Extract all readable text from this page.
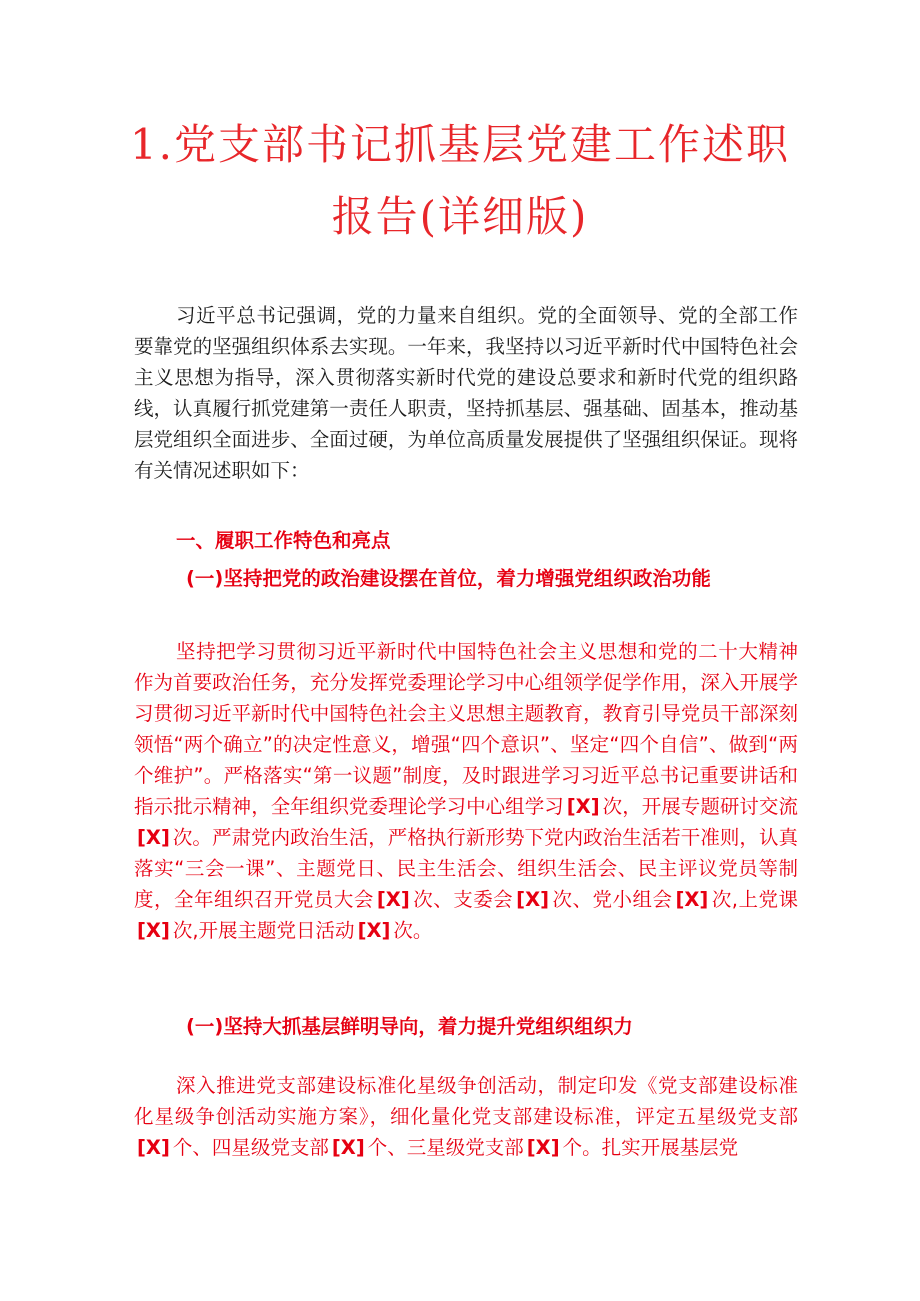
1.党支部书记抓基层党建工作述职
报告(详细版)

习近平总书记强调，党的力量来自组织。党的全面领导、党的全部工作要靠党的坚强组织体系去实现。一年来，我坚持以习近平新时代中国特色社会主义思想为指导，深入贯彻落实新时代党的建设总要求和新时代党的组织路线，认真履行抓党建第一责任人职责，坚持抓基层、强基础、固基本，推动基层党组织全面进步、全面过硬，为单位高质量发展提供了坚强组织保证。现将有关情况述职如下：

一、履职工作特色和亮点
(一)坚持把党的政治建设摆在首位，着力增强党组织政治功能

坚持把学习贯彻习近平新时代中国特色社会主义思想和党的二十大精神作为首要政治任务，充分发挥党委理论学习中心组领学促学作用，深入开展学习贯彻习近平新时代中国特色社会主义思想主题教育，教育引导党员干部深刻领悟“两个确立”的决定性意义，增强“四个意识”、坚定“四个自信”、做到“两个维护”。严格落实“第一议题”制度，及时跟进学习习近平总书记重要讲话和指示批示精神，全年组织党委理论学习中心组学习 [X] 次，开展专题研讨交流[X] 次。严肃党内政治生活，严格执行新形势下党内政治生活若干准则，认真落实“三会一课”、主题党日、民主生活会、组织生活会、民主评议党员等制度，全年组织召开党员大会 [X] 次、支委会 [X] 次、党小组会 [X] 次,上党课[X] 次,开展主题党日活动 [X] 次。

(一)坚持大抓基层鲜明导向，着力提升党组织组织力

深入推进党支部建设标准化星级争创活动，制定印发《党支部建设标准化星级争创活动实施方案》，细化量化党支部建设标准，评定五星级党支部[X] 个、四星级党支部 [X] 个、三星级党支部 [X] 个。扎实开展基层党
